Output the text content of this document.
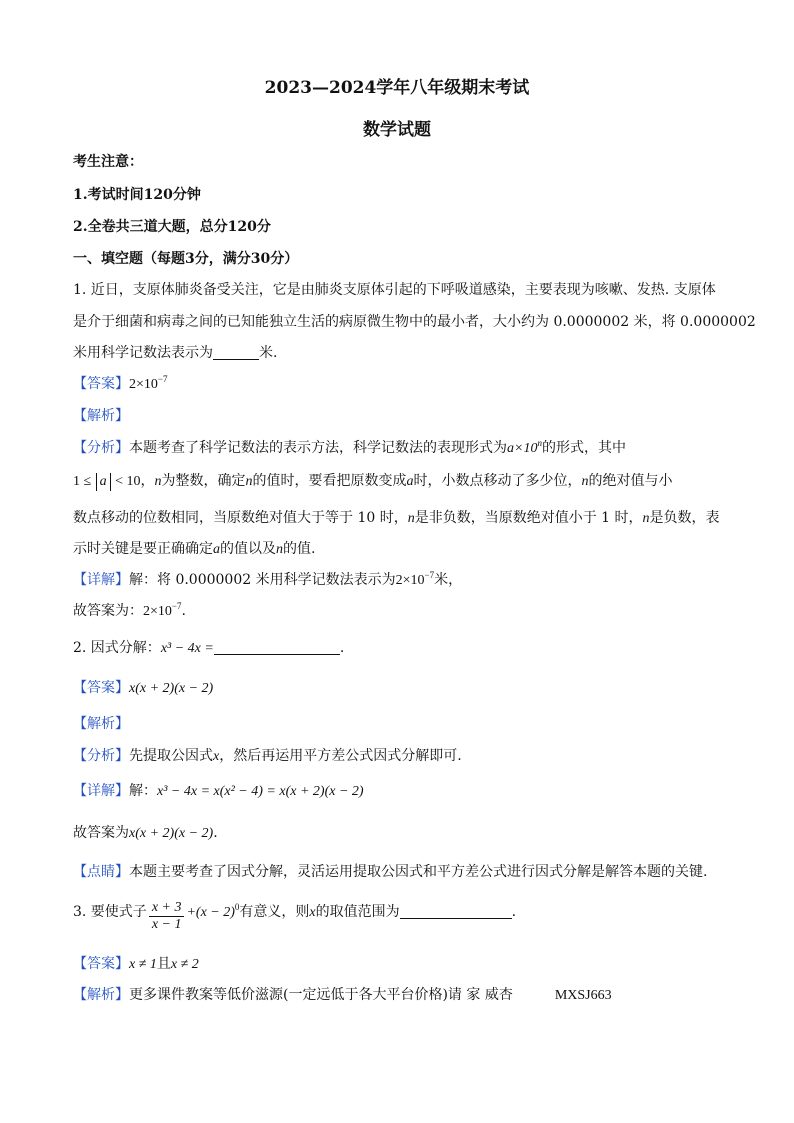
2023—2024学年八年级期末考试
数学试题
考生注意：
1.考试时间120分钟
2.全卷共三道大题，总分120分
一、填空题（每题3分，满分30分）
1. 近日，支原体肺炎备受关注，它是由肺炎支原体引起的下呼吸道感染，主要表现为咳嗽、发热. 支原体
是介于细菌和病毒之间的已知能独立生活的病原微生物中的最小者，大小约为 0.0000002 米，将 0.0000002
米用科学记数法表示为	米.
【答案】$2\times 10^{-7}$
【解析】
【分析】本题考查了科学记数法的表示方法，科学记数法的表现形式为$a\times 10^n$的形式，其中
1 ≤ a < 10，n为整数，确定n的值时，要看把原数变成a时，小数点移动了多少位，n的绝对值与小
数点移动的位数相同，当原数绝对值大于等于 10 时，n是非负数，当原数绝对值小于 1 时，n是负数，表
示时关键是要正确确定a的值以及n的值.
【详解】解：将 0.0000002 米用科学记数法表示为$2\times 10^{-7}$米，
故答案为：$2\times 10^{-7}$.
2. 因式分解：x³ − 4x =	.
【答案】x(x + 2)(x − 2)
【解析】
【分析】先提取公因式x，然后再运用平方差公式因式分解即可.
【详解】解：x³ − 4x = x(x² − 4) = x(x + 2)(x − 2)
故答案为x(x + 2)(x − 2).
【点睛】本题主要考查了因式分解，灵活运用提取公因式和平方差公式进行因式分解是解答本题的关键.
3. 要使式子 $\frac{x + 3}{x - 1} +(x - 2)^0$有意义，则x的取值范围为	.
【答案】x ≠ 1且x ≠ 2
【解析】更多课件教案等低价滋源(一定远低于各大平台价格)请 家 威杏	MXSJ663
